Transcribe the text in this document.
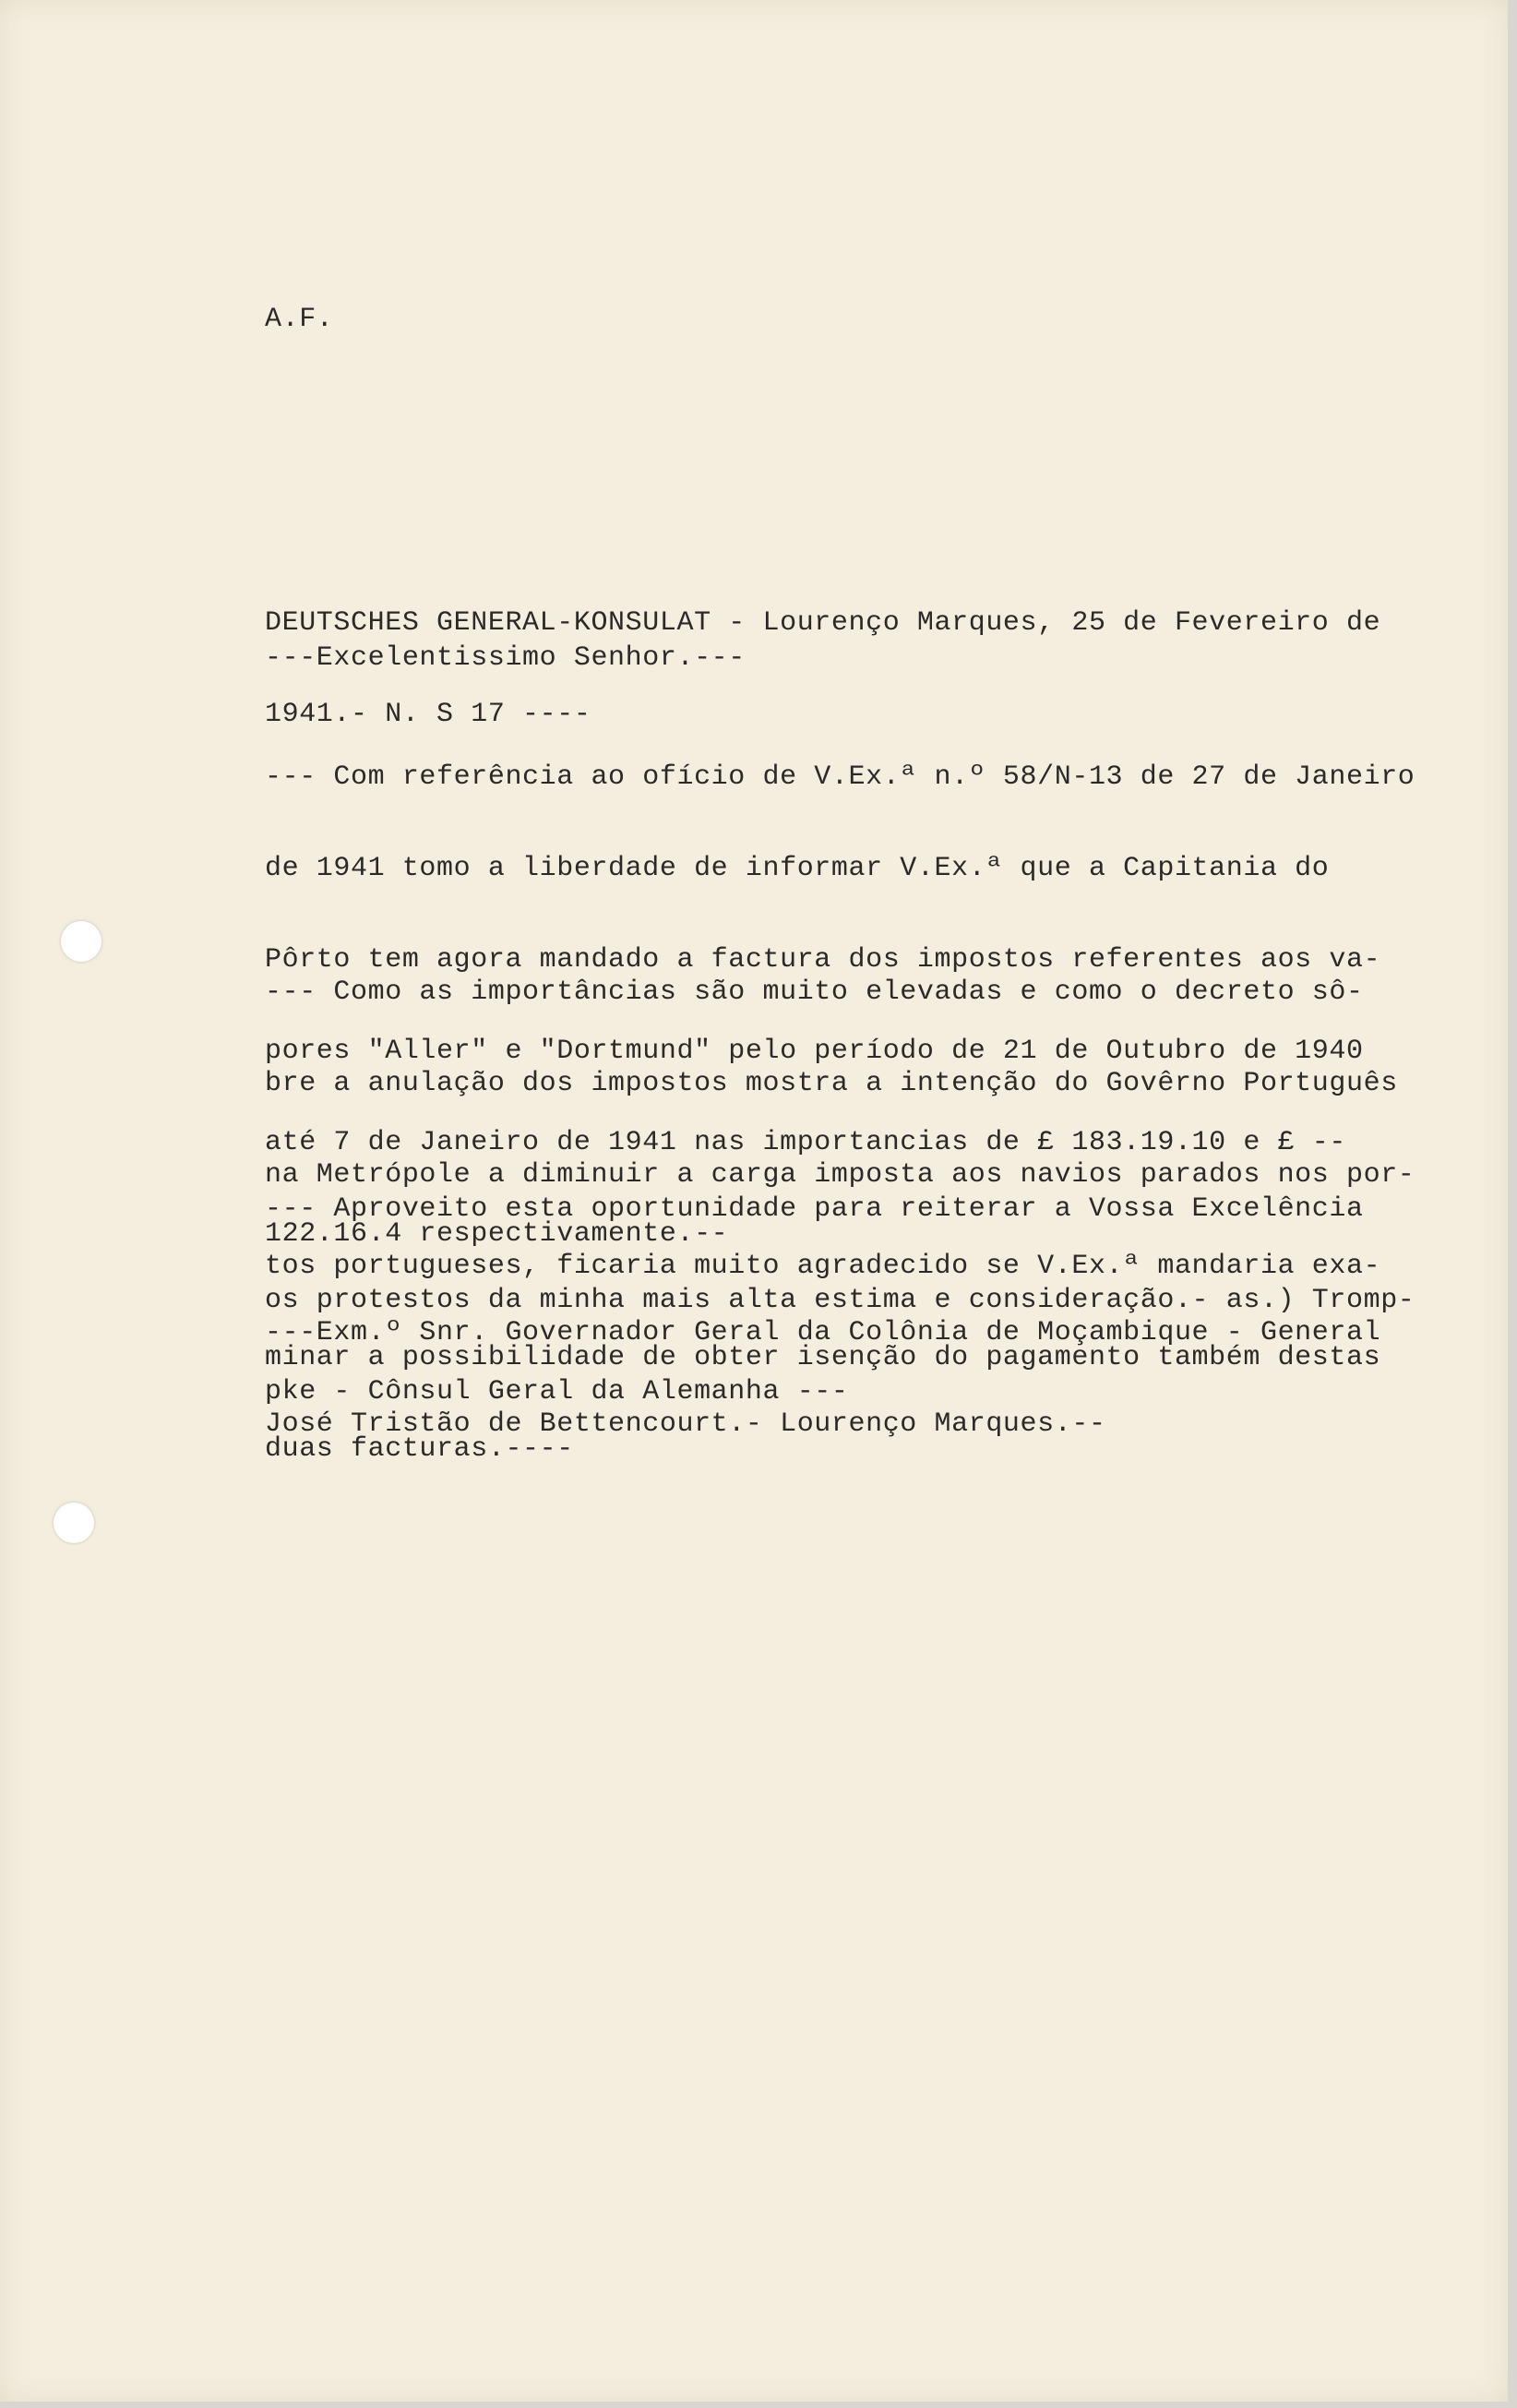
A.F.

DEUTSCHES GENERAL-KONSULAT - Lourenço Marques, 25 de Fevereiro de

1941.- N. S 17 ----

---Excelentissimo Senhor.---

--- Com referência ao ofício de V.Ex.ª n.º 58/N-13 de 27 de Janeiro

de 1941 tomo a liberdade de informar V.Ex.ª que a Capitania do

Pôrto tem agora mandado a factura dos impostos referentes aos va-

pores "Aller" e "Dortmund" pelo período de 21 de Outubro de 1940

até 7 de Janeiro de 1941 nas importancias de £ 183.19.10 e £ --

122.16.4 respectivamente.--

--- Como as importâncias são muito elevadas e como o decreto sô-

bre a anulação dos impostos mostra a intenção do Govêrno Português

na Metrópole a diminuir a carga imposta aos navios parados nos por-

tos portugueses, ficaria muito agradecido se V.Ex.ª mandaria exa-

minar a possibilidade de obter isenção do pagamento também destas

duas facturas.----

--- Aproveito esta oportunidade para reiterar a Vossa Excelência

os protestos da minha mais alta estima e consideração.- as.) Tromp-

pke - Cônsul Geral da Alemanha ---

---Exm.º Snr. Governador Geral da Colônia de Moçambique - General

José Tristão de Bettencourt.- Lourenço Marques.--
